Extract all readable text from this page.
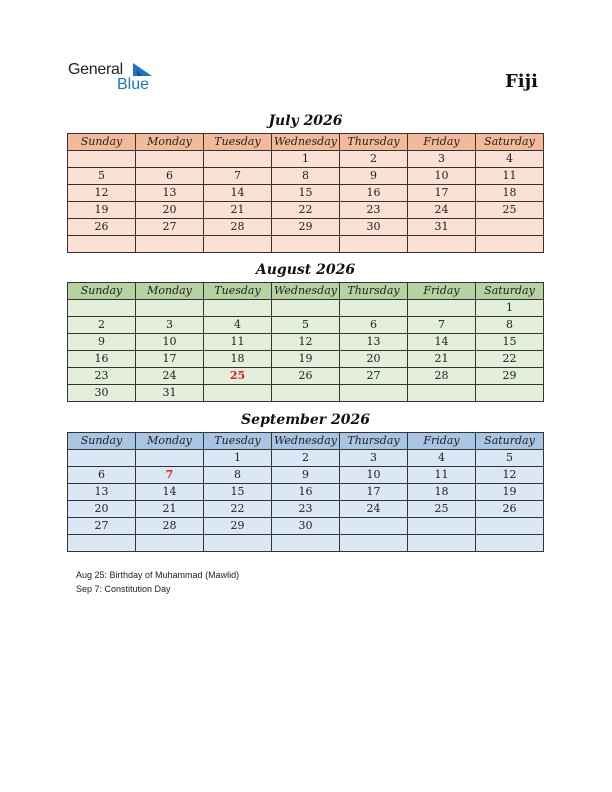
General
Blue	Fiji
July 2026
Sunday	Monday	Tuesday	Wednesday	Thursday	Friday	Saturday
			1	2	3	4
5	6	7	8	9	10	11
12	13	14	15	16	17	18
19	20	21	22	23	24	25
26	27	28	29	30	31	

August 2026
Sunday	Monday	Tuesday	Wednesday	Thursday	Friday	Saturday
						1
2	3	4	5	6	7	8
9	10	11	12	13	14	15
16	17	18	19	20	21	22
23	24	25	26	27	28	29
30	31					
September 2026
Sunday	Monday	Tuesday	Wednesday	Thursday	Friday	Saturday
		1	2	3	4	5
6	7	8	9	10	11	12
13	14	15	16	17	18	19
20	21	22	23	24	25	26
27	28	29	30			

Aug 25: Birthday of Muhammad (Mawlid)
Sep 7: Constitution Day
